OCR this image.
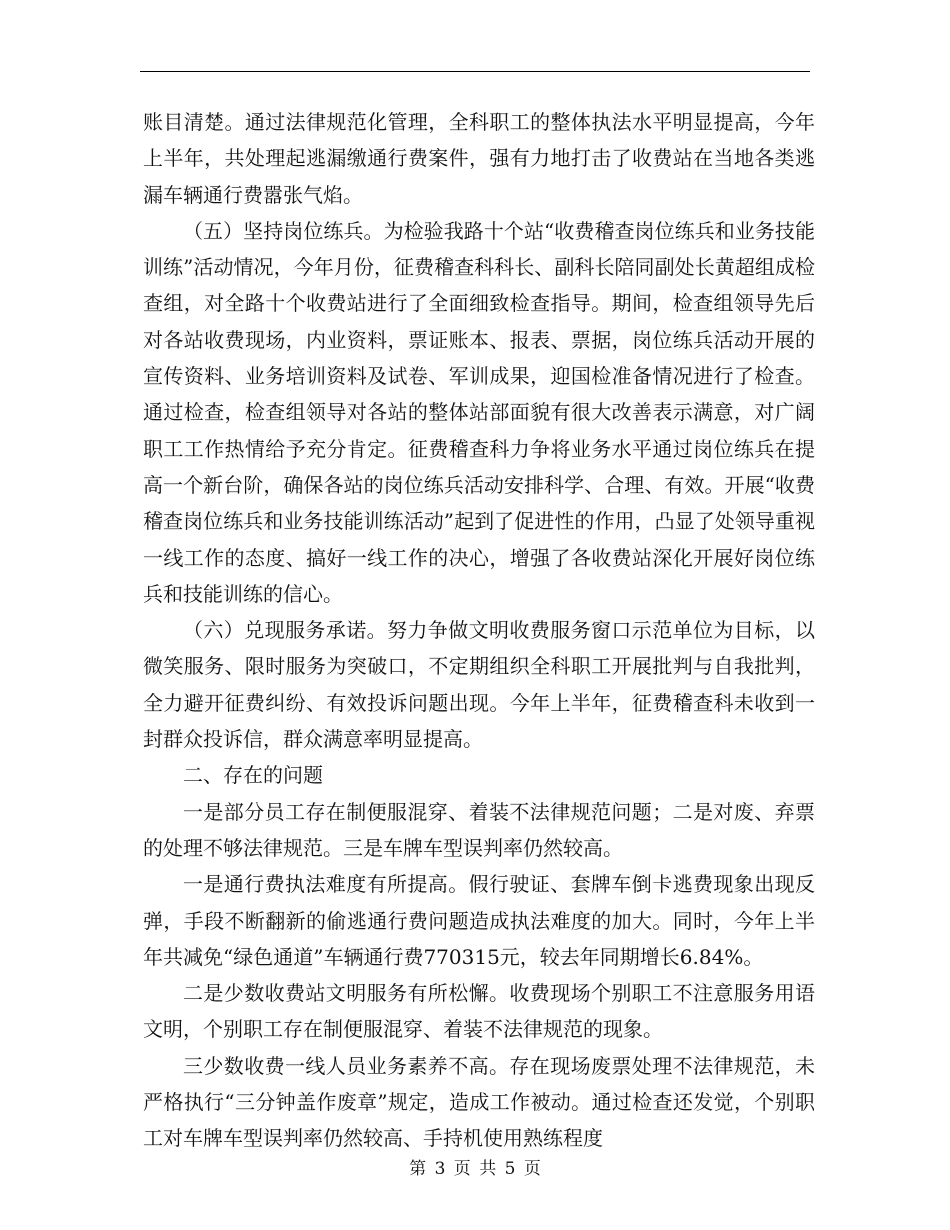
账目清楚。通过法律规范化管理，全科职工的整体执法水平明显提高，今年上半年，共处理起逃漏缴通行费案件，强有力地打击了收费站在当地各类逃漏车辆通行费嚣张气焰。

（五）坚持岗位练兵。为检验我路十个站“收费稽查岗位练兵和业务技能训练”活动情况，今年月份，征费稽查科科长、副科长陪同副处长黄超组成检查组，对全路十个收费站进行了全面细致检查指导。期间，检查组领导先后对各站收费现场，内业资料，票证账本、报表、票据，岗位练兵活动开展的宣传资料、业务培训资料及试卷、军训成果，迎国检准备情况进行了检查。通过检查，检查组领导对各站的整体站部面貌有很大改善表示满意，对广阔职工工作热情给予充分肯定。征费稽查科力争将业务水平通过岗位练兵在提高一个新台阶，确保各站的岗位练兵活动安排科学、合理、有效。开展“收费稽查岗位练兵和业务技能训练活动”起到了促进性的作用，凸显了处领导重视一线工作的态度、搞好一线工作的决心，增强了各收费站深化开展好岗位练兵和技能训练的信心。

（六）兑现服务承诺。努力争做文明收费服务窗口示范单位为目标，以微笑服务、限时服务为突破口，不定期组织全科职工开展批判与自我批判，全力避开征费纠纷、有效投诉问题出现。今年上半年，征费稽查科未收到一封群众投诉信，群众满意率明显提高。

二、存在的问题

一是部分员工存在制便服混穿、着装不法律规范问题；二是对废、弃票的处理不够法律规范。三是车牌车型误判率仍然较高。

一是通行费执法难度有所提高。假行驶证、套牌车倒卡逃费现象出现反弹，手段不断翻新的偷逃通行费问题造成执法难度的加大。同时，今年上半年共减免“绿色通道”车辆通行费770315元，较去年同期增长6.84%。

二是少数收费站文明服务有所松懈。收费现场个别职工不注意服务用语文明，个别职工存在制便服混穿、着装不法律规范的现象。

三少数收费一线人员业务素养不高。存在现场废票处理不法律规范，未严格执行“三分钟盖作废章”规定，造成工作被动。通过检查还发觉，个别职工对车牌车型误判率仍然较高、手持机使用熟练程度

第 3 页 共 5 页
